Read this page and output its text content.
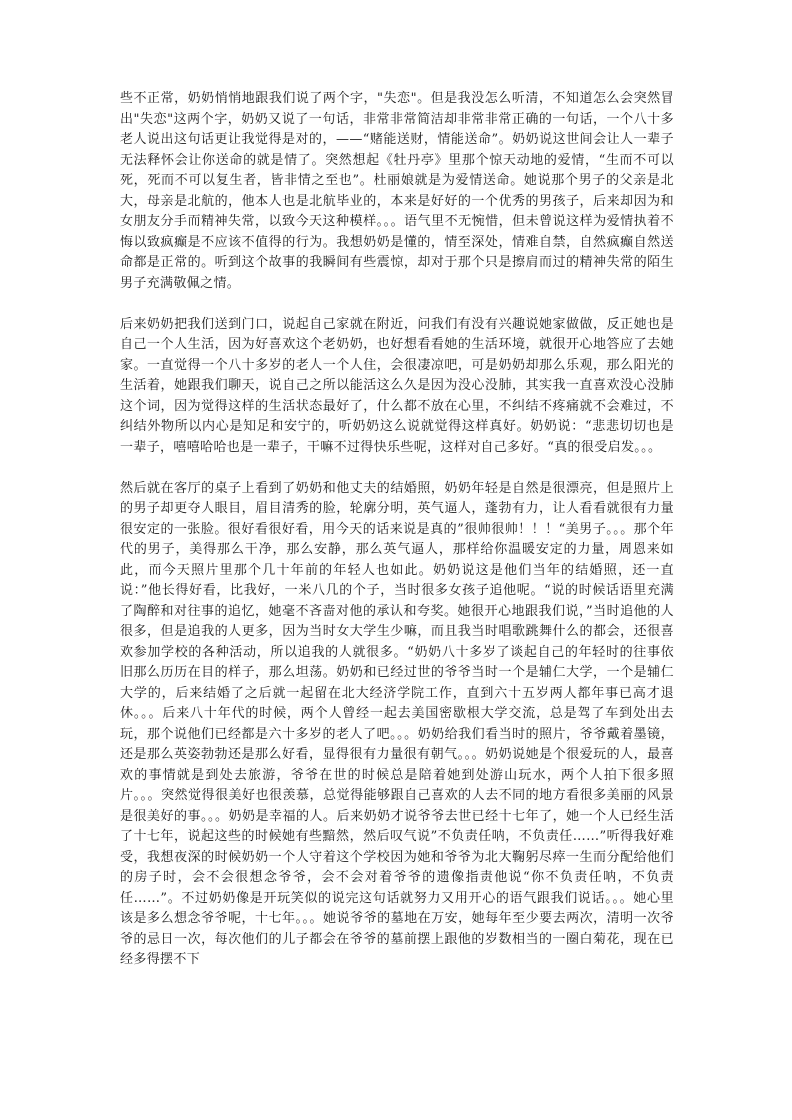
些不正常，奶奶悄悄地跟我们说了两个字，"失恋"。但是我没怎么听清，不知道怎么会突然冒出"失恋"这两个字，奶奶又说了一句话，非常非常简洁却非常非常正确的一句话，一个八十多老人说出这句话更让我觉得是对的，——“赌能送财，情能送命”。奶奶说这世间会让人一辈子无法释怀会让你送命的就是情了。突然想起《牡丹亭》里那个惊天动地的爱情，“生而不可以死，死而不可以复生者，皆非情之至也”。杜丽娘就是为爱情送命。她说那个男子的父亲是北大，母亲是北航的，他本人也是北航毕业的，本来是好好的一个优秀的男孩子，后来却因为和女朋友分手而精神失常，以致今天这种模样。。。语气里不无惋惜，但未曾说这样为爱情执着不悔以致疯癫是不应该不值得的行为。我想奶奶是懂的，情至深处，情难自禁，自然疯癫自然送命都是正常的。听到这个故事的我瞬间有些震惊，却对于那个只是擦肩而过的精神失常的陌生男子充满敬佩之情。

后来奶奶把我们送到门口，说起自己家就在附近，问我们有没有兴趣说她家做做，反正她也是自己一个人生活，因为好喜欢这个老奶奶，也好想看看她的生活环境，就很开心地答应了去她家。一直觉得一个八十多岁的老人一个人住，会很凄凉吧，可是奶奶却那么乐观，那么阳光的生活着，她跟我们聊天，说自己之所以能活这么久是因为没心没肺，其实我一直喜欢没心没肺这个词，因为觉得这样的生活状态最好了，什么都不放在心里，不纠结不疼痛就不会难过，不纠结外物所以内心是知足和安宁的，听奶奶这么说就觉得这样真好。奶奶说：“悲悲切切也是一辈子，嘻嘻哈哈也是一辈子，干嘛不过得快乐些呢，这样对自己多好。“真的很受启发。。。

然后就在客厅的桌子上看到了奶奶和他丈夫的结婚照，奶奶年轻是自然是很漂亮，但是照片上的男子却更夺人眼目，眉目清秀的脸，轮廓分明，英气逼人，蓬勃有力，让人看看就很有力量很安定的一张脸。很好看很好看，用今天的话来说是真的”很帅很帅！！！“美男子。。。那个年代的男子，美得那么干净，那么安静，那么英气逼人，那样给你温暖安定的力量，周恩来如此，而今天照片里那个几十年前的年轻人也如此。奶奶说这是他们当年的结婚照，还一直说：”他长得好看，比我好，一米八几的个子，当时很多女孩子追他呢。“说的时候话语里充满了陶醉和对往事的追忆，她毫不吝啬对他的承认和夸奖。她很开心地跟我们说，”当时追他的人很多，但是追我的人更多，因为当时女大学生少嘛，而且我当时唱歌跳舞什么的都会，还很喜欢参加学校的各种活动，所以追我的人就很多。“奶奶八十多岁了谈起自己的年轻时的往事依旧那么历历在目的样子，那么坦荡。奶奶和已经过世的爷爷当时一个是辅仁大学，一个是辅仁大学的，后来结婚了之后就一起留在北大经济学院工作，直到六十五岁两人都年事已高才退休。。。后来八十年代的时候，两个人曾经一起去美国密歇根大学交流，总是驾了车到处出去玩，那个说他们已经都是六十多岁的老人了吧。。。奶奶给我们看当时的照片，爷爷戴着墨镜，还是那么英姿勃勃还是那么好看，显得很有力量很有朝气。。。奶奶说她是个很爱玩的人，最喜欢的事情就是到处去旅游，爷爷在世的时候总是陪着她到处游山玩水，两个人拍下很多照片。。。突然觉得很美好也很羡慕，总觉得能够跟自己喜欢的人去不同的地方看很多美丽的风景是很美好的事。。。奶奶是幸福的人。后来奶奶才说爷爷去世已经十七年了，她一个人已经生活了十七年，说起这些的时候她有些黯然，然后叹气说”不负责任呐，不负责任……”听得我好难受，我想夜深的时候奶奶一个人守着这个学校因为她和爷爷为北大鞠躬尽瘁一生而分配给他们的房子时，会不会很想念爷爷，会不会对着爷爷的遗像指责他说“你不负责任呐，不负责任……”。不过奶奶像是开玩笑似的说完这句话就努力又用开心的语气跟我们说话。。。她心里该是多么想念爷爷呢，十七年。。。她说爷爷的墓地在万安，她每年至少要去两次，清明一次爷爷的忌日一次，每次他们的儿子都会在爷爷的墓前摆上跟他的岁数相当的一圈白菊花，现在已经多得摆不下
